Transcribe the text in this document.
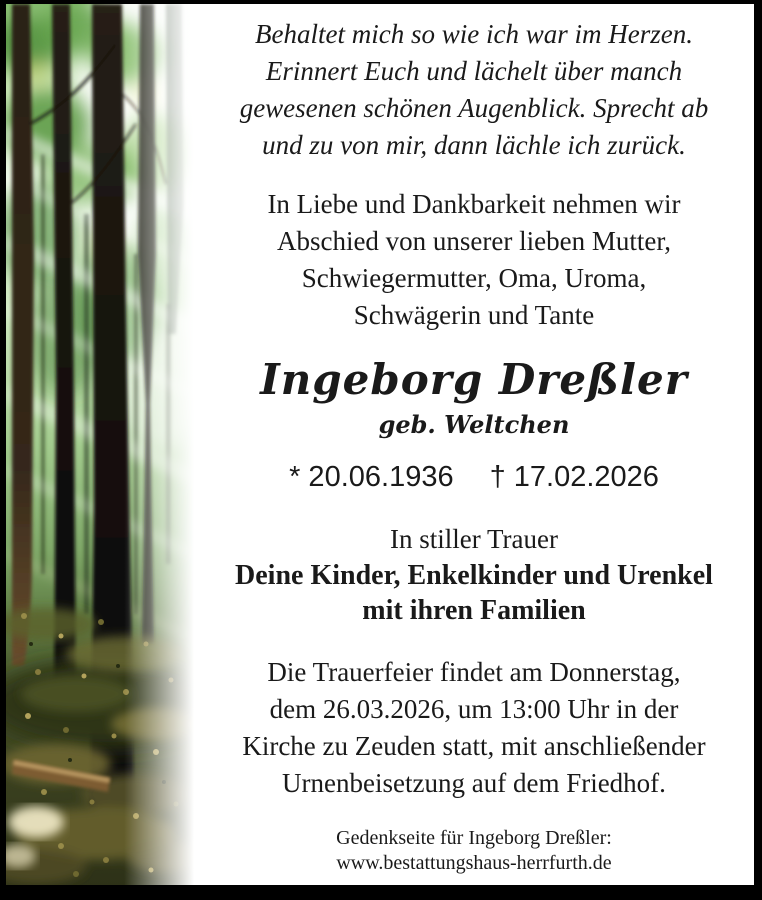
Behaltet mich so wie ich war im Herzen.
Erinnert Euch und lächelt über manch
gewesenen schönen Augenblick. Sprecht ab
und zu von mir, dann lächle ich zurück.
In Liebe und Dankbarkeit nehmen wir
Abschied von unserer lieben Mutter,
Schwiegermutter, Oma, Uroma,
Schwägerin und Tante
Ingeborg Dreßler
geb. Weltchen
* 20.06.1936 † 17.02.2026
In stiller Trauer
Deine Kinder, Enkelkinder und Urenkel
mit ihren Familien
Die Trauerfeier findet am Donnerstag,
dem 26.03.2026, um 13:00 Uhr in der
Kirche zu Zeuden statt, mit anschließender
Urnenbeisetzung auf dem Friedhof.
Gedenkseite für Ingeborg Dreßler:
www.bestattungshaus-herrfurth.de
